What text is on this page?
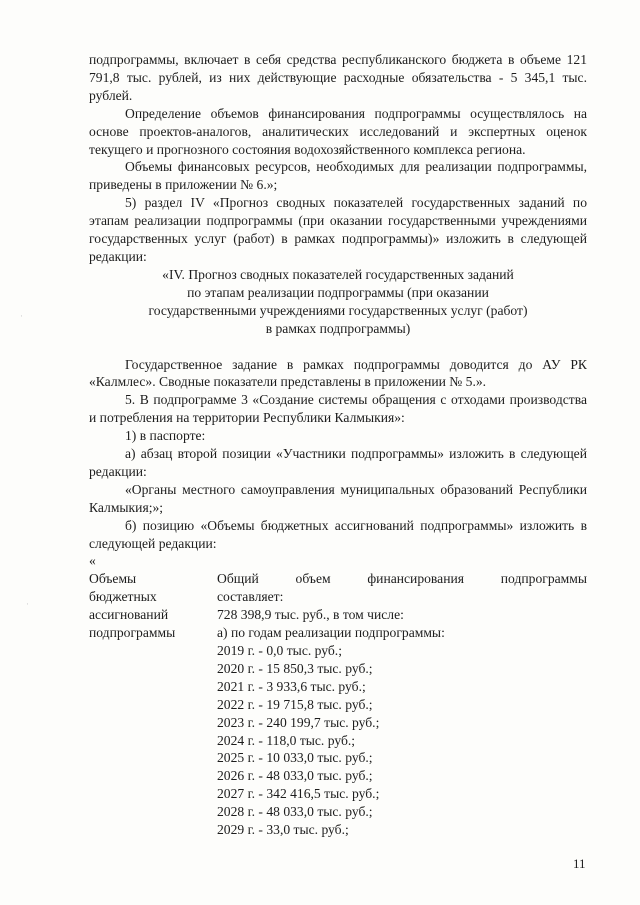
·
·

подпрограммы, включает в себя средства республиканского бюджета в объеме 121 791,8 тыс. рублей, из них действующие расходные обязательства - 5 345,1 тыс. рублей.

Определение объемов финансирования подпрограммы осуществлялось на основе проектов-аналогов, аналитических исследований и экспертных оценок текущего и прогнозного состояния водохозяйственного комплекса региона.

Объемы финансовых ресурсов, необходимых для реализации подпрограммы, приведены в приложении № 6.»;

5) раздел IV «Прогноз сводных показателей государственных заданий по этапам реализации подпрограммы (при оказании государственными учреждениями государственных услуг (работ) в рамках подпрограммы)» изложить в следующей редакции:

«IV. Прогноз сводных показателей государственных заданий

по этапам реализации подпрограммы (при оказании

государственными учреждениями государственных услуг (работ)

в рамках подпрограммы)

Государственное задание в рамках подпрограммы доводится до АУ РК «Калмлес». Сводные показатели представлены в приложении № 5.».

5. В подпрограмме 3 «Создание системы обращения с отходами производства и потребления на территории Республики Калмыкия»:

1) в паспорте:

а) абзац второй позиции «Участники подпрограммы» изложить в следующей редакции:

«Органы местного самоуправления муниципальных образований Республики Калмыкия;»;

б) позицию «Объемы бюджетных ассигнований подпрограммы» изложить в следующей редакции:

«

Объемы

бюджетных

ассигнований

подпрограммы

Общий объем финансирования подпрограммы

составляет:

728 398,9 тыс. руб., в том числе:

а) по годам реализации подпрограммы:

2019 г. - 0,0 тыс. руб.;

2020 г. - 15 850,3 тыс. руб.;

2021 г. - 3 933,6 тыс. руб.;

2022 г. - 19 715,8 тыс. руб.;

2023 г. - 240 199,7 тыс. руб.;

2024 г. - 118,0 тыс. руб.;

2025 г. - 10 033,0 тыс. руб.;

2026 г. - 48 033,0 тыс. руб.;

2027 г. - 342 416,5 тыс. руб.;

2028 г. - 48 033,0 тыс. руб.;

2029 г. - 33,0 тыс. руб.;

11
